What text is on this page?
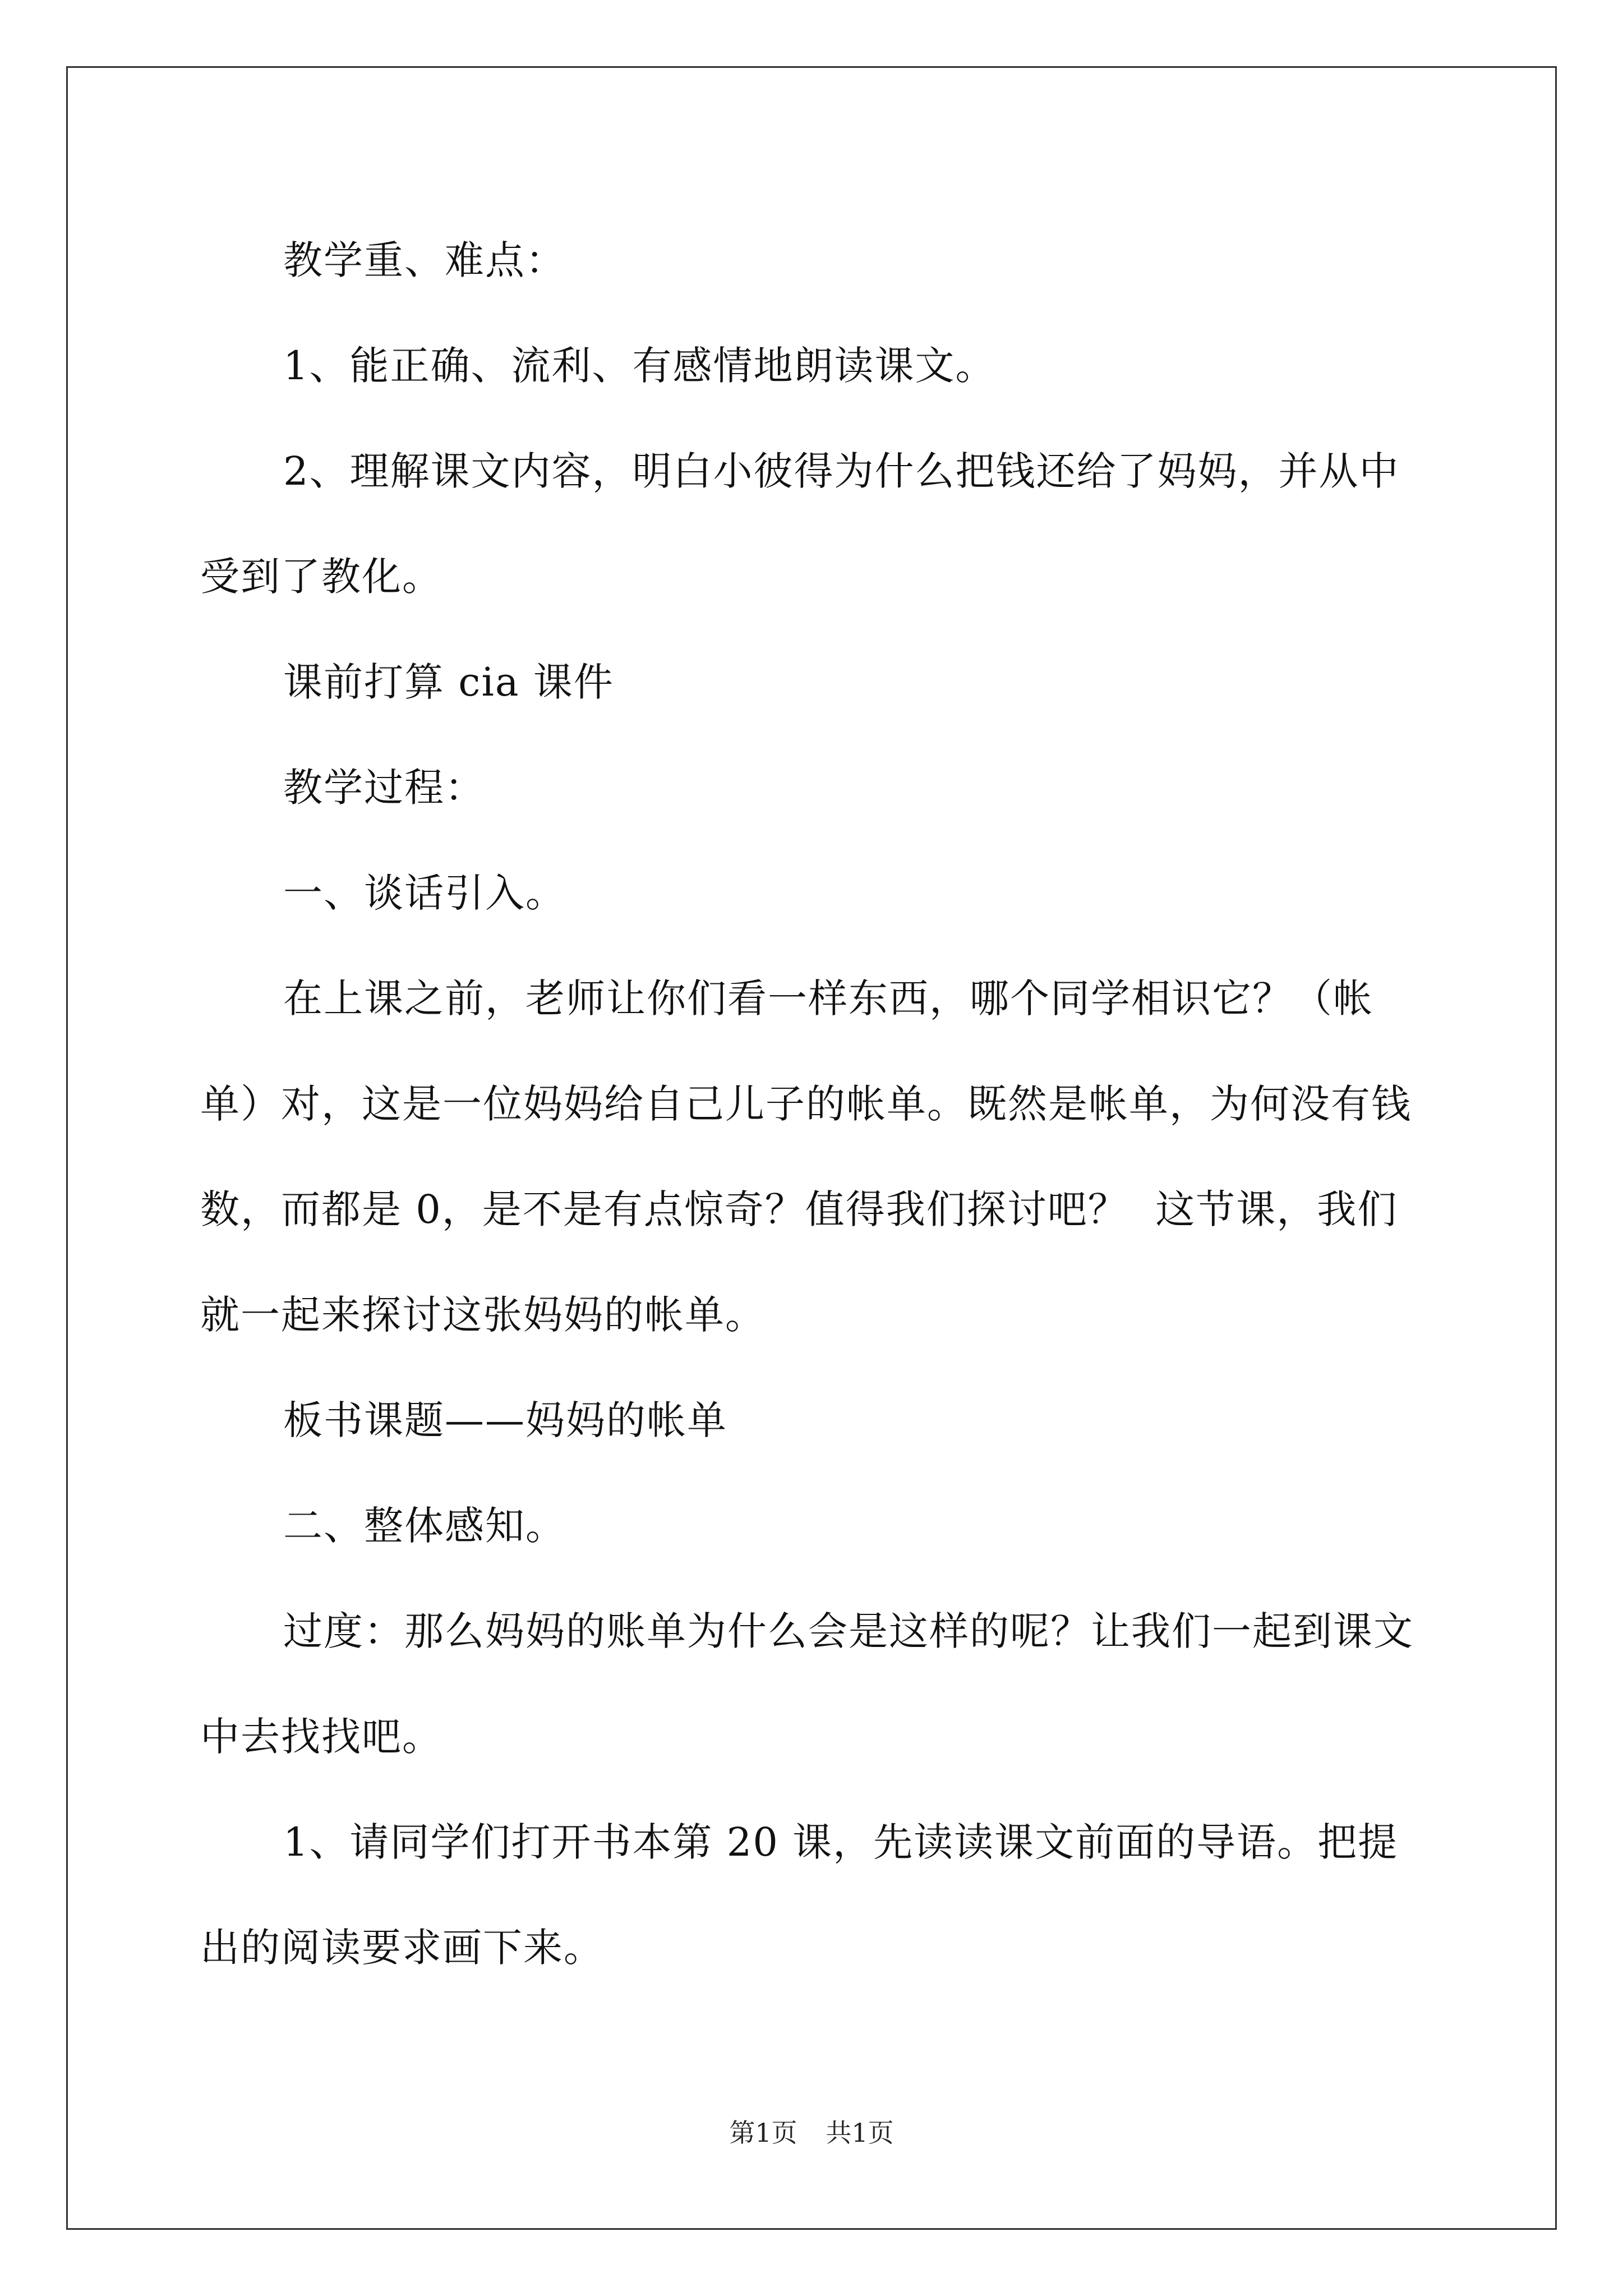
教学重、难点：

1、能正确、流利、有感情地朗读课文。

2、理解课文内容，明白小彼得为什么把钱还给了妈妈，并从中受到了教化。

课前打算 cia 课件

教学过程：

一、谈话引入。

在上课之前，老师让你们看一样东西，哪个同学相识它？（帐单）对，这是一位妈妈给自己儿子的帐单。既然是帐单，为何没有钱数，而都是 0，是不是有点惊奇？值得我们探讨吧？  这节课，我们就一起来探讨这张妈妈的帐单。

板书课题——妈妈的帐单

二、整体感知。

过度：那么妈妈的账单为什么会是这样的呢？让我们一起到课文中去找找吧。

1、请同学们打开书本第 20 课，先读读课文前面的导语。把提出的阅读要求画下来。

第1页 共1页
